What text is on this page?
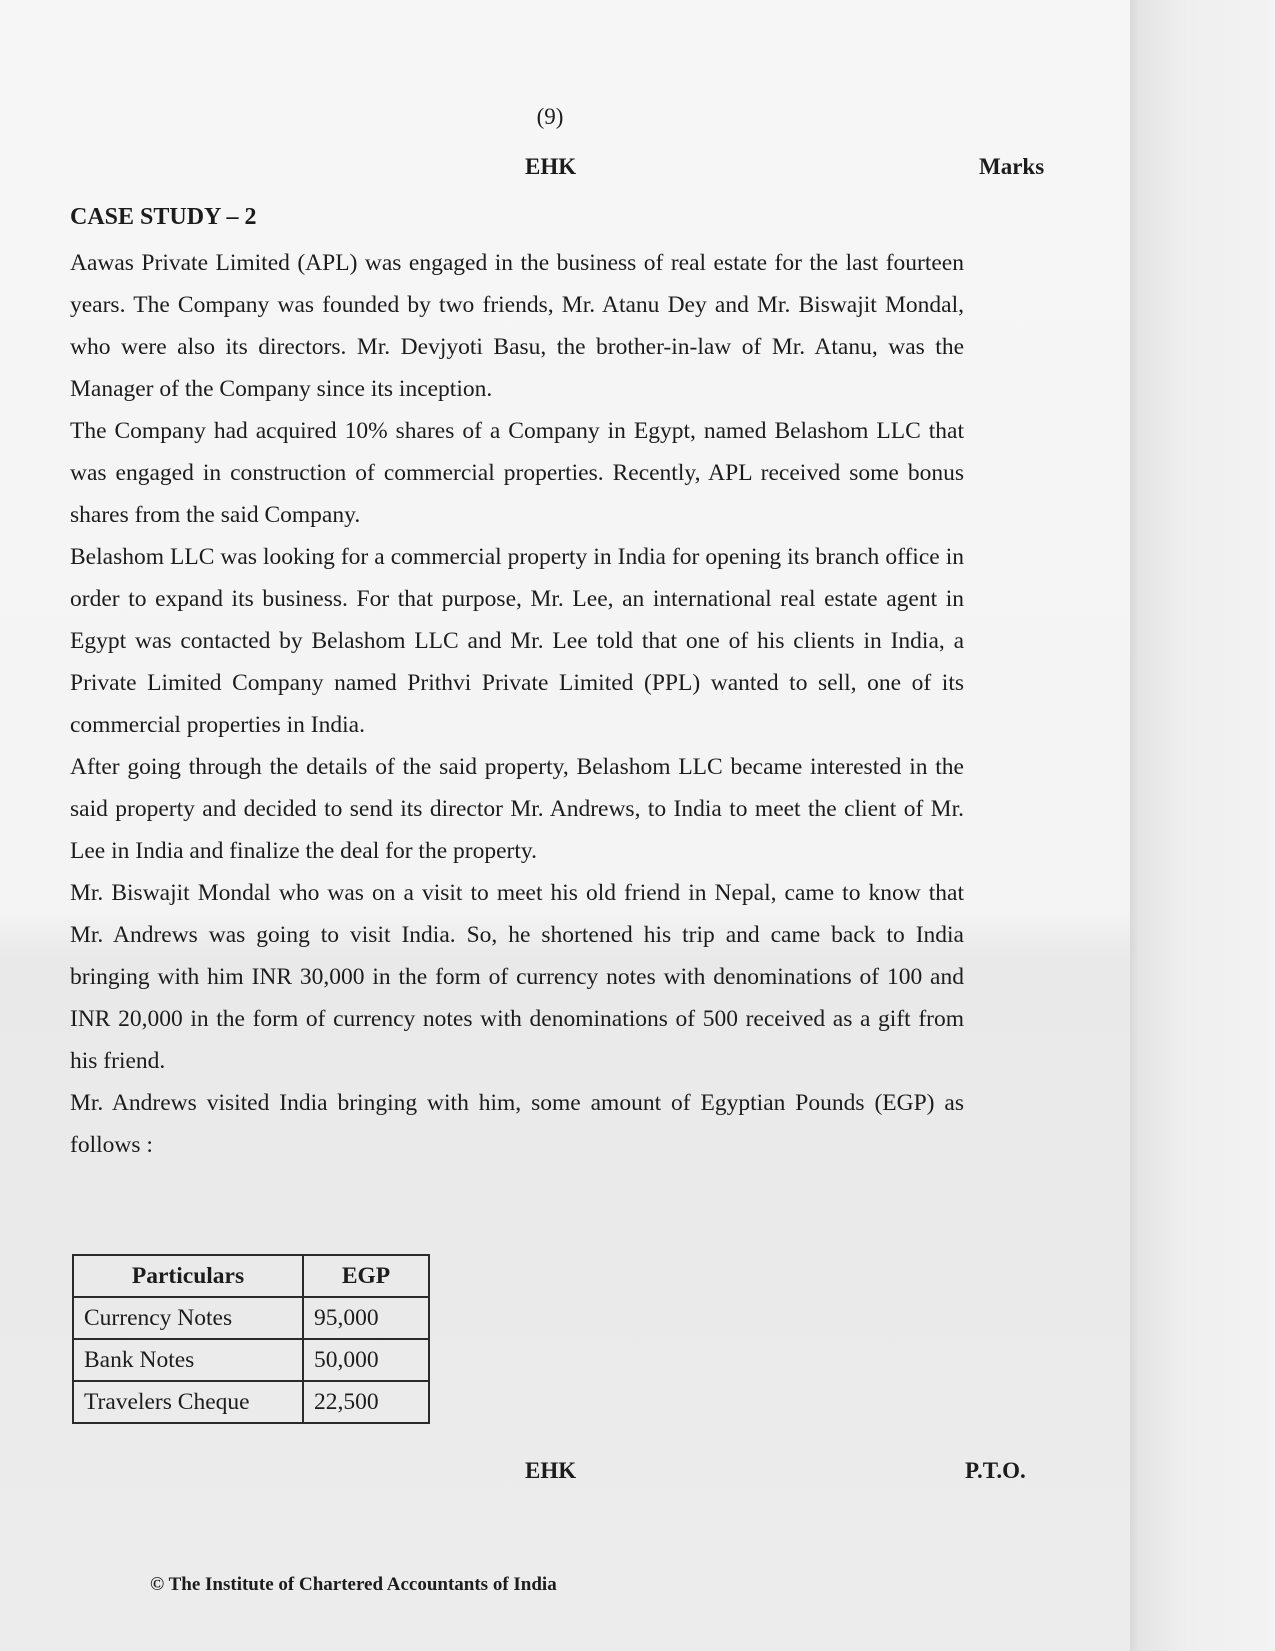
(9)
EHK	Marks
CASE STUDY – 2

Aawas Private Limited (APL) was engaged in the business of real estate for the last fourteen years. The Company was founded by two friends, Mr. Atanu Dey and Mr. Biswajit Mondal, who were also its directors. Mr. Devjyoti Basu, the brother-in-law of Mr. Atanu, was the Manager of the Company since its inception.

The Company had acquired 10% shares of a Company in Egypt, named Belashom LLC that was engaged in construction of commercial properties. Recently, APL received some bonus shares from the said Company.

Belashom LLC was looking for a commercial property in India for opening its branch office in order to expand its business. For that purpose, Mr. Lee, an international real estate agent in Egypt was contacted by Belashom LLC and Mr. Lee told that one of his clients in India, a Private Limited Company named Prithvi Private Limited (PPL) wanted to sell, one of its commercial properties in India.

After going through the details of the said property, Belashom LLC became interested in the said property and decided to send its director Mr. Andrews, to India to meet the client of Mr. Lee in India and finalize the deal for the property.

Mr. Biswajit Mondal who was on a visit to meet his old friend in Nepal, came to know that Mr. Andrews was going to visit India. So, he shortened his trip and came back to India bringing with him INR 30,000 in the form of currency notes with denominations of 100 and INR 20,000 in the form of currency notes with denominations of 500 received as a gift from his friend.

Mr. Andrews visited India bringing with him, some amount of Egyptian Pounds (EGP) as follows :

Particulars	EGP
Currency Notes	95,000
Bank Notes	50,000
Travelers Cheque	22,500
EHK	P.T.O.
© The Institute of Chartered Accountants of India
